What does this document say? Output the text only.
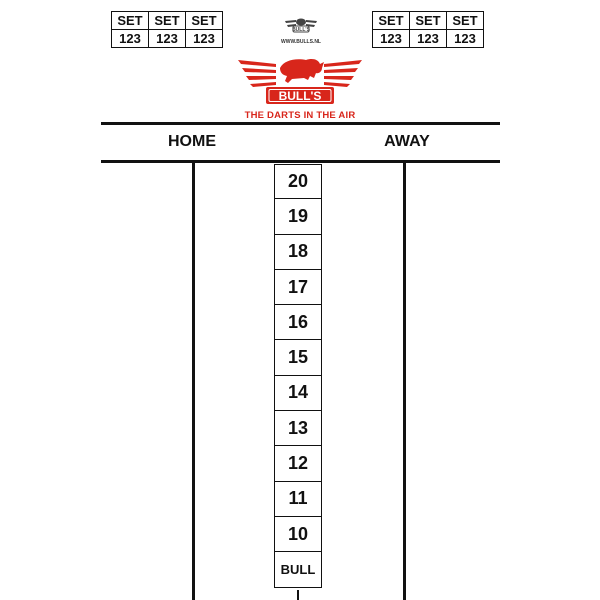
SET	SET	SET
123	123	123
BULL'S
WWW.BULLS.NL
SET	SET	SET
123	123	123
BULL'S
THE DARTS IN THE AIR
HOME	AWAY
20
19
18
17
16
15
14
13
12
11
10
BULL
